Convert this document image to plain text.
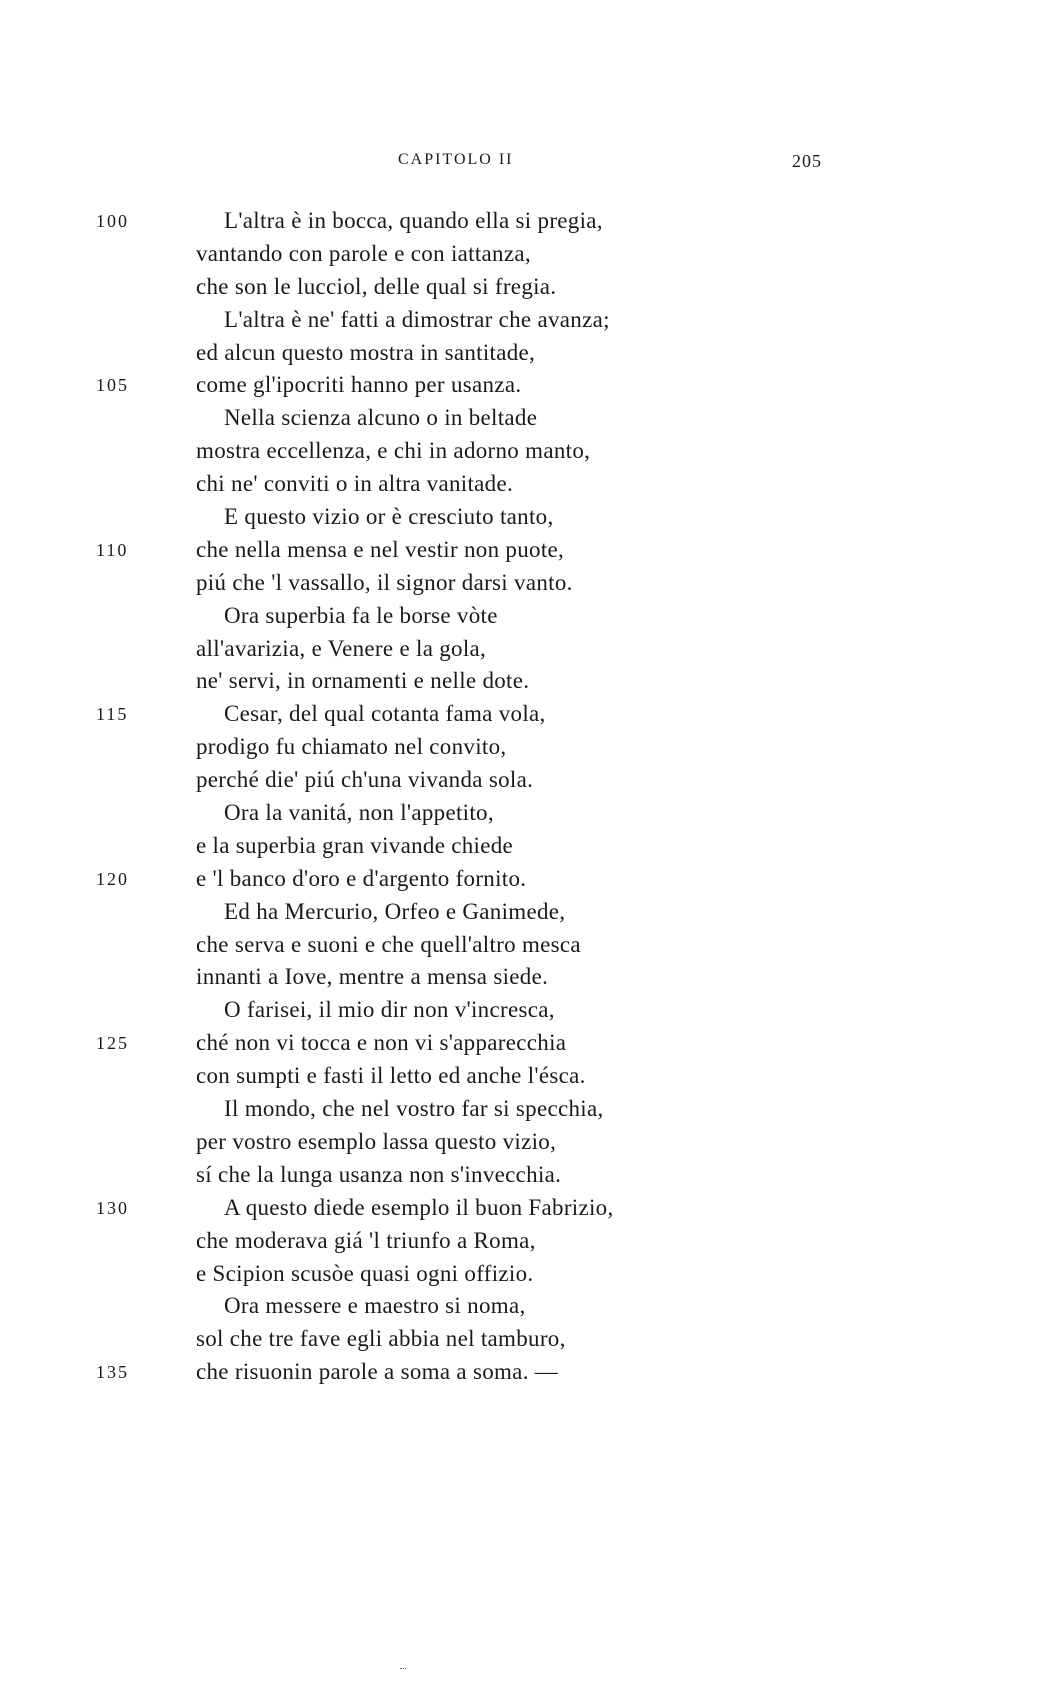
CAPITOLO II	205
100	L'altra è in bocca, quando ella si pregia,
vantando con parole e con iattanza,
che son le lucciol, delle qual si fregia.
L'altra è ne' fatti a dimostrar che avanza;
ed alcun questo mostra in santitade,
105	come gl'ipocriti hanno per usanza.
Nella scienza alcuno o in beltade
mostra eccellenza, e chi in adorno manto,
chi ne' conviti o in altra vanitade.
E questo vizio or è cresciuto tanto,
110	che nella mensa e nel vestir non puote,
piú che 'l vassallo, il signor darsi vanto.
Ora superbia fa le borse vòte
all'avarizia, e Venere e la gola,
ne' servi, in ornamenti e nelle dote.
115	Cesar, del qual cotanta fama vola,
prodigo fu chiamato nel convito,
perché die' piú ch'una vivanda sola.
Ora la vanitá, non l'appetito,
e la superbia gran vivande chiede
120	e 'l banco d'oro e d'argento fornito.
Ed ha Mercurio, Orfeo e Ganimede,
che serva e suoni e che quell'altro mesca
innanti a Iove, mentre a mensa siede.
O farisei, il mio dir non v'incresca,
125	ché non vi tocca e non vi s'apparecchia
con sumpti e fasti il letto ed anche l'ésca.
Il mondo, che nel vostro far si specchia,
per vostro esemplo lassa questo vizio,
sí che la lunga usanza non s'invecchia.
130	A questo diede esemplo il buon Fabrizio,
che moderava giá 'l triunfo a Roma,
e Scipion scusòe quasi ogni offizio.
Ora messere e maestro si noma,
sol che tre fave egli abbia nel tamburo,
135	che risuonin parole a soma a soma. —
